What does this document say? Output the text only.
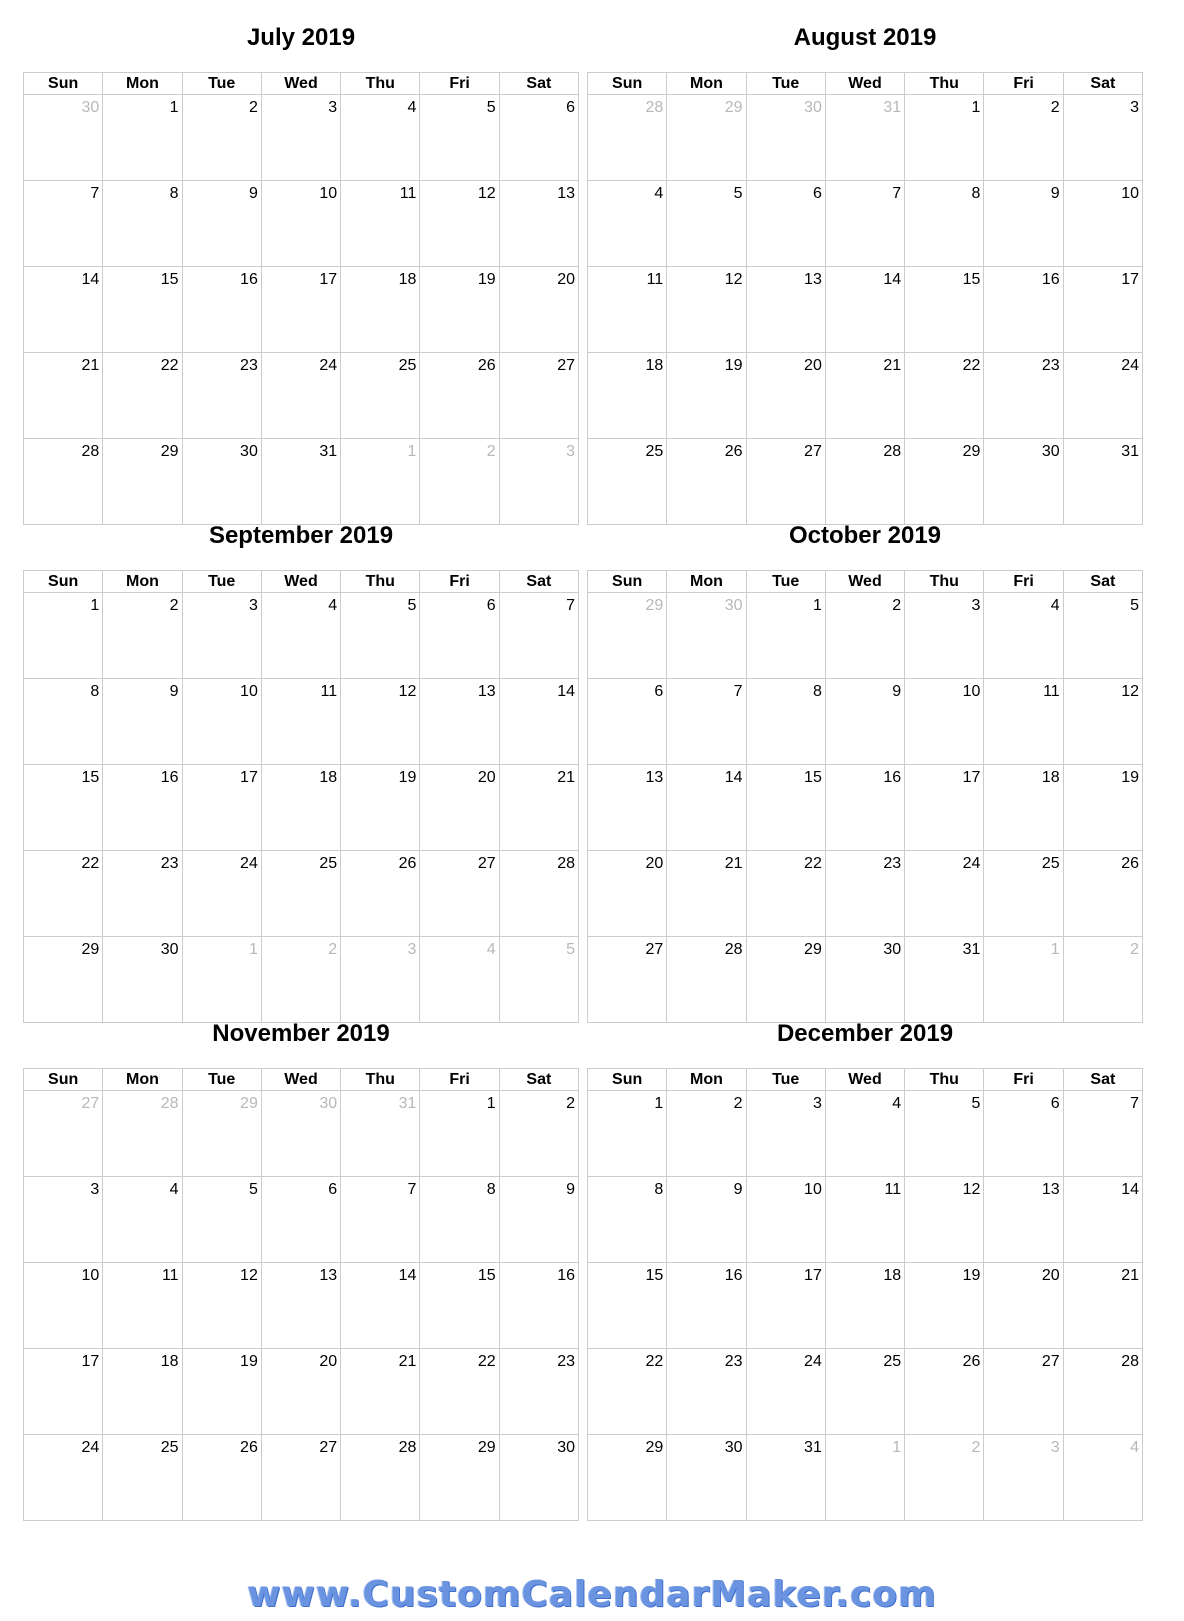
July 2019
Sun	Mon	Tue	Wed	Thu	Fri	Sat

30	1	2	3	4	5	6

7	8	9	10	11	12	13

14	15	16	17	18	19	20

21	22	23	24	25	26	27

28	29	30	31	1	2	3
August 2019
Sun	Mon	Tue	Wed	Thu	Fri	Sat

28	29	30	31	1	2	3

4	5	6	7	8	9	10

11	12	13	14	15	16	17

18	19	20	21	22	23	24

25	26	27	28	29	30	31
September 2019
Sun	Mon	Tue	Wed	Thu	Fri	Sat

1	2	3	4	5	6	7

8	9	10	11	12	13	14

15	16	17	18	19	20	21

22	23	24	25	26	27	28

29	30	1	2	3	4	5
October 2019
Sun	Mon	Tue	Wed	Thu	Fri	Sat

29	30	1	2	3	4	5

6	7	8	9	10	11	12

13	14	15	16	17	18	19

20	21	22	23	24	25	26

27	28	29	30	31	1	2
November 2019
Sun	Mon	Tue	Wed	Thu	Fri	Sat

27	28	29	30	31	1	2

3	4	5	6	7	8	9

10	11	12	13	14	15	16

17	18	19	20	21	22	23

24	25	26	27	28	29	30
December 2019
Sun	Mon	Tue	Wed	Thu	Fri	Sat

1	2	3	4	5	6	7

8	9	10	11	12	13	14

15	16	17	18	19	20	21

22	23	24	25	26	27	28

29	30	31	1	2	3	4
www.CustomCalendarMaker.com
